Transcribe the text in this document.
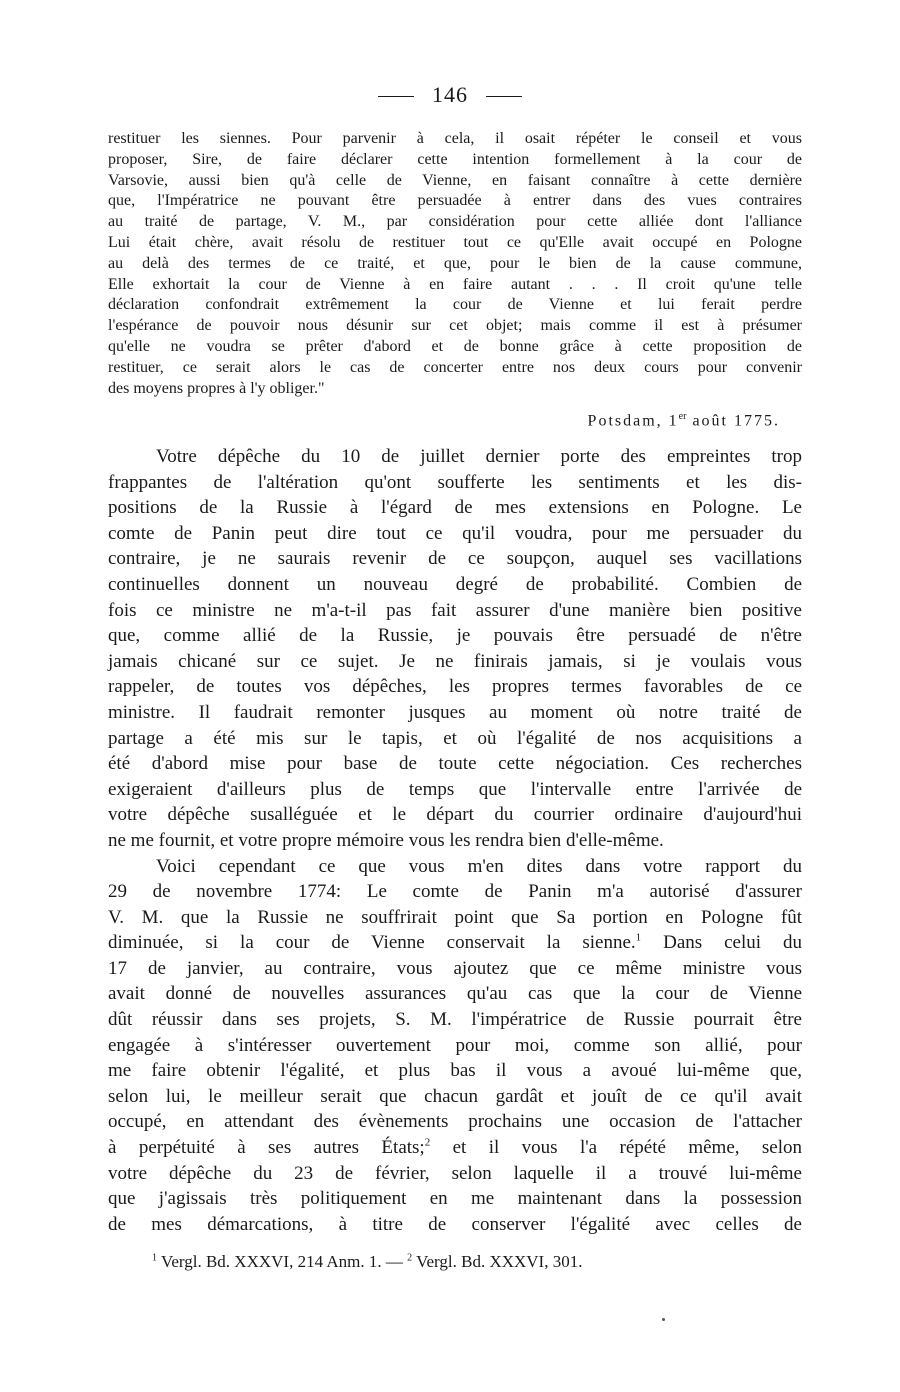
146
restituer les siennes. Pour parvenir à cela, il osait répéter le conseil et vous
proposer, Sire, de faire déclarer cette intention formellement à la cour de
Varsovie, aussi bien qu'à celle de Vienne, en faisant connaître à cette dernière
que, l'Impératrice ne pouvant être persuadée à entrer dans des vues contraires
au traité de partage, V. M., par considération pour cette alliée dont l'alliance
Lui était chère, avait résolu de restituer tout ce qu'Elle avait occupé en Pologne
au delà des termes de ce traité, et que, pour le bien de la cause commune,
Elle exhortait la cour de Vienne à en faire autant . . . Il croit qu'une telle
déclaration confondrait extrêmement la cour de Vienne et lui ferait perdre
l'espérance de pouvoir nous désunir sur cet objet; mais comme il est à présumer
qu'elle ne voudra se prêter d'abord et de bonne grâce à cette proposition de
restituer, ce serait alors le cas de concerter entre nos deux cours pour convenir
des moyens propres à l'y obliger."
Potsdam, 1er août 1775.
Votre dépêche du 10 de juillet dernier porte des empreintes trop
frappantes de l'altération qu'ont soufferte les sentiments et les dis-
positions de la Russie à l'égard de mes extensions en Pologne. Le
comte de Panin peut dire tout ce qu'il voudra, pour me persuader du
contraire, je ne saurais revenir de ce soupçon, auquel ses vacillations
continuelles donnent un nouveau degré de probabilité. Combien de
fois ce ministre ne m'a-t-il pas fait assurer d'une manière bien positive
que, comme allié de la Russie, je pouvais être persuadé de n'être
jamais chicané sur ce sujet. Je ne finirais jamais, si je voulais vous
rappeler, de toutes vos dépêches, les propres termes favorables de ce
ministre. Il faudrait remonter jusques au moment où notre traité de
partage a été mis sur le tapis, et où l'égalité de nos acquisitions a
été d'abord mise pour base de toute cette négociation. Ces recherches
exigeraient d'ailleurs plus de temps que l'intervalle entre l'arrivée de
votre dépêche susalléguée et le départ du courrier ordinaire d'aujourd'hui
ne me fournit, et votre propre mémoire vous les rendra bien d'elle-même.
Voici cependant ce que vous m'en dites dans votre rapport du
29 de novembre 1774: Le comte de Panin m'a autorisé d'assurer
V. M. que la Russie ne souffrirait point que Sa portion en Pologne fût
diminuée, si la cour de Vienne conservait la sienne.$^1$ Dans celui du
17 de janvier, au contraire, vous ajoutez que ce même ministre vous
avait donné de nouvelles assurances qu'au cas que la cour de Vienne
dût réussir dans ses projets, S. M. l'impératrice de Russie pourrait être
engagée à s'intéresser ouvertement pour moi, comme son allié, pour
me faire obtenir l'égalité, et plus bas il vous a avoué lui-même que,
selon lui, le meilleur serait que chacun gardât et jouît de ce qu'il avait
occupé, en attendant des évènements prochains une occasion de l'attacher
à perpétuité à ses autres États;$^2$ et il vous l'a répété même, selon
votre dépêche du 23 de février, selon laquelle il a trouvé lui-même
que j'agissais très politiquement en me maintenant dans la possession
de mes démarcations, à titre de conserver l'égalité avec celles de
$^1$ Vergl. Bd. XXXVI, 214 Anm. 1. — $^2$ Vergl. Bd. XXXVI, 301.
